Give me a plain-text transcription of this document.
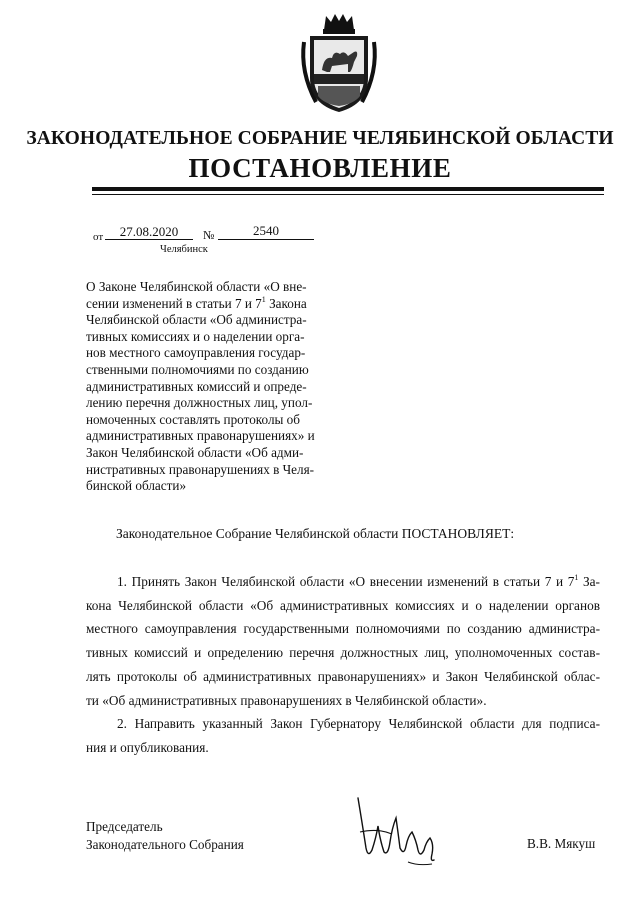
ЗАКОНОДАТЕЛЬНОЕ СОБРАНИЕ ЧЕЛЯБИНСКОЙ ОБЛАСТИ
ПОСТАНОВЛЕНИЕ
от	27.08.2020	№	2540
Челябинск
О Законе Челябинской области «О вне-
сении изменений в статьи 7 и $7^1$ Закона
Челябинской области «Об администра-
тивных комиссиях и о наделении орга-
нов местного самоуправления государ-
ственными полномочиями по созданию
административных комиссий и опреде-
лению перечня должностных лиц, упол-
номоченных составлять протоколы об
административных правонарушениях» и
Закон Челябинской области «Об адми-
нистративных правонарушениях в Челя-
бинской области»
Законодательное Собрание Челябинской области ПОСТАНОВЛЯЕТ:
1. Принять Закон Челябинской области «О внесении изменений в статьи 7 и $7^1$ За-
кона Челябинской области «Об административных комиссиях и о наделении органов
местного самоуправления государственными полномочиями по созданию администра-
тивных комиссий и определению перечня должностных лиц, уполномоченных состав-
лять протоколы об административных правонарушениях» и Закон Челябинской облас-
ти «Об административных правонарушениях в Челябинской области».
2. Направить указанный Закон Губернатору Челябинской области для подписа-
ния и опубликования.
Председатель
Законодательного Собрания	В.В. Мякуш
